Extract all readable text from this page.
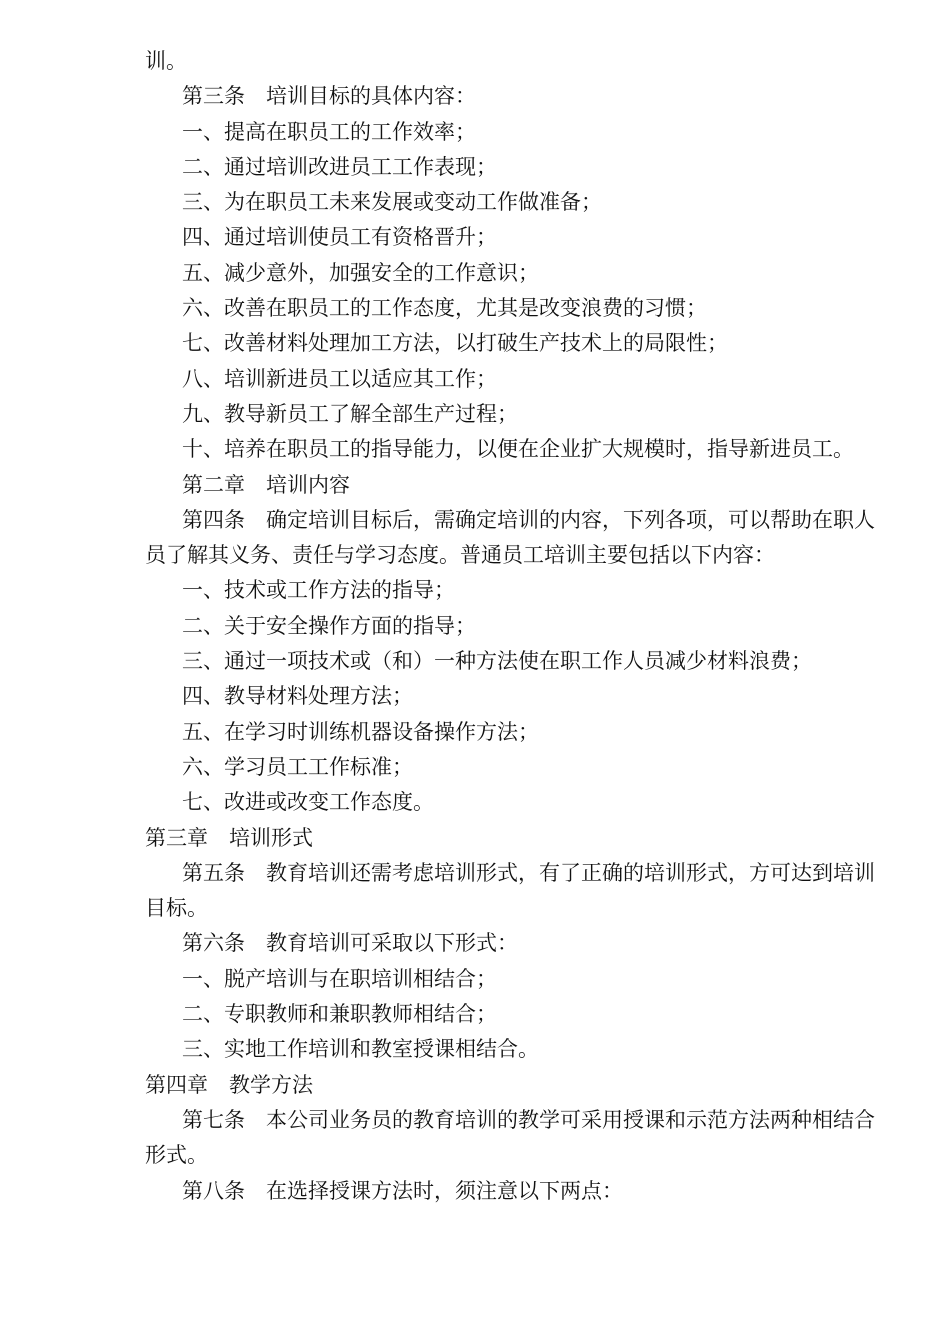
训。

第三条　培训目标的具体内容：

一、提高在职员工的工作效率；

二、通过培训改进员工工作表现；

三、为在职员工未来发展或变动工作做准备；

四、通过培训使员工有资格晋升；

五、减少意外，加强安全的工作意识；

六、改善在职员工的工作态度，尤其是改变浪费的习惯；

七、改善材料处理加工方法，以打破生产技术上的局限性；

八、培训新进员工以适应其工作；

九、教导新员工了解全部生产过程；

十、培养在职员工的指导能力，以便在企业扩大规模时，指导新进员工。

第二章　培训内容

第四条　确定培训目标后，需确定培训的内容，下列各项，可以帮助在职人员了解其义务、责任与学习态度。普通员工培训主要包括以下内容：

一、技术或工作方法的指导；

二、关于安全操作方面的指导；

三、通过一项技术或（和）一种方法使在职工作人员减少材料浪费；

四、教导材料处理方法；

五、在学习时训练机器设备操作方法；

六、学习员工工作标准；

七、改进或改变工作态度。

第三章　培训形式

第五条　教育培训还需考虑培训形式，有了正确的培训形式，方可达到培训目标。

第六条　教育培训可采取以下形式：

一、脱产培训与在职培训相结合；

二、专职教师和兼职教师相结合；

三、实地工作培训和教室授课相结合。

第四章　教学方法

第七条　本公司业务员的教育培训的教学可采用授课和示范方法两种相结合形式。

第八条　在选择授课方法时，须注意以下两点：
